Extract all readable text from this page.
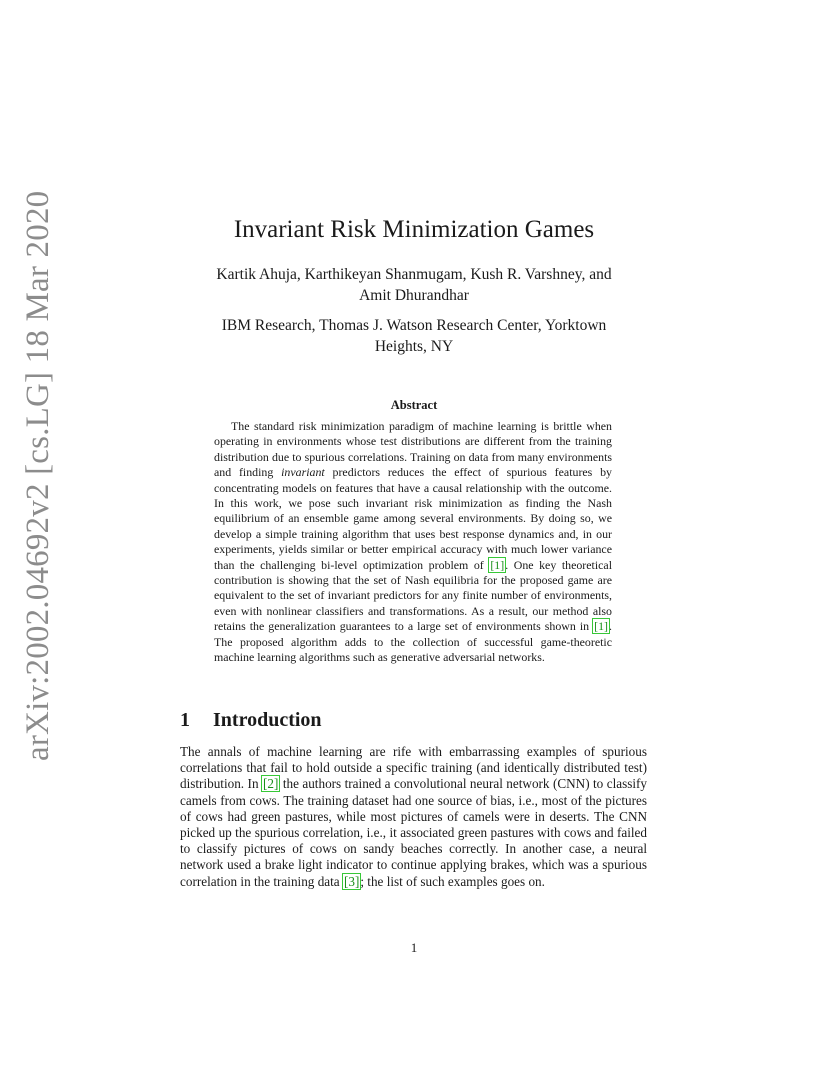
arXiv:2002.04692v2 [cs.LG] 18 Mar 2020	Invariant Risk Minimization Games
Kartik Ahuja, Karthikeyan Shanmugam, Kush R. Varshney, and
Amit Dhurandhar
IBM Research, Thomas J. Watson Research Center, Yorktown
Heights, NY
Abstract

The standard risk minimization paradigm of machine learning is brittle when operating in environments whose test distributions are different from the training distribution due to spurious correlations. Training on data from many environments and finding invariant predictors reduces the effect of spurious features by concentrating models on features that have a causal relationship with the outcome. In this work, we pose such invariant risk minimization as finding the Nash equilibrium of an ensemble game among several environments. By doing so, we develop a simple training algorithm that uses best response dynamics and, in our experiments, yields similar or better empirical accuracy with much lower variance than the challenging bi-level optimization problem of [1]. One key theoretical contribution is showing that the set of Nash equilibria for the proposed game are equivalent to the set of invariant predictors for any finite number of environments, even with nonlinear classifiers and transformations. As a result, our method also retains the generalization guarantees to a large set of environments shown in [1]. The proposed algorithm adds to the collection of successful game-theoretic machine learning algorithms such as generative adversarial networks.

1 Introduction

The annals of machine learning are rife with embarrassing examples of spurious correlations that fail to hold outside a specific training (and identically distributed test) distribution. In [2] the authors trained a convolutional neural network (CNN) to classify camels from cows. The training dataset had one source of bias, i.e., most of the pictures of cows had green pastures, while most pictures of camels were in deserts. The CNN picked up the spurious correlation, i.e., it associated green pastures with cows and failed to classify pictures of cows on sandy beaches correctly. In another case, a neural network used a brake light indicator to continue applying brakes, which was a spurious correlation in the training data [3]; the list of such examples goes on.

1
